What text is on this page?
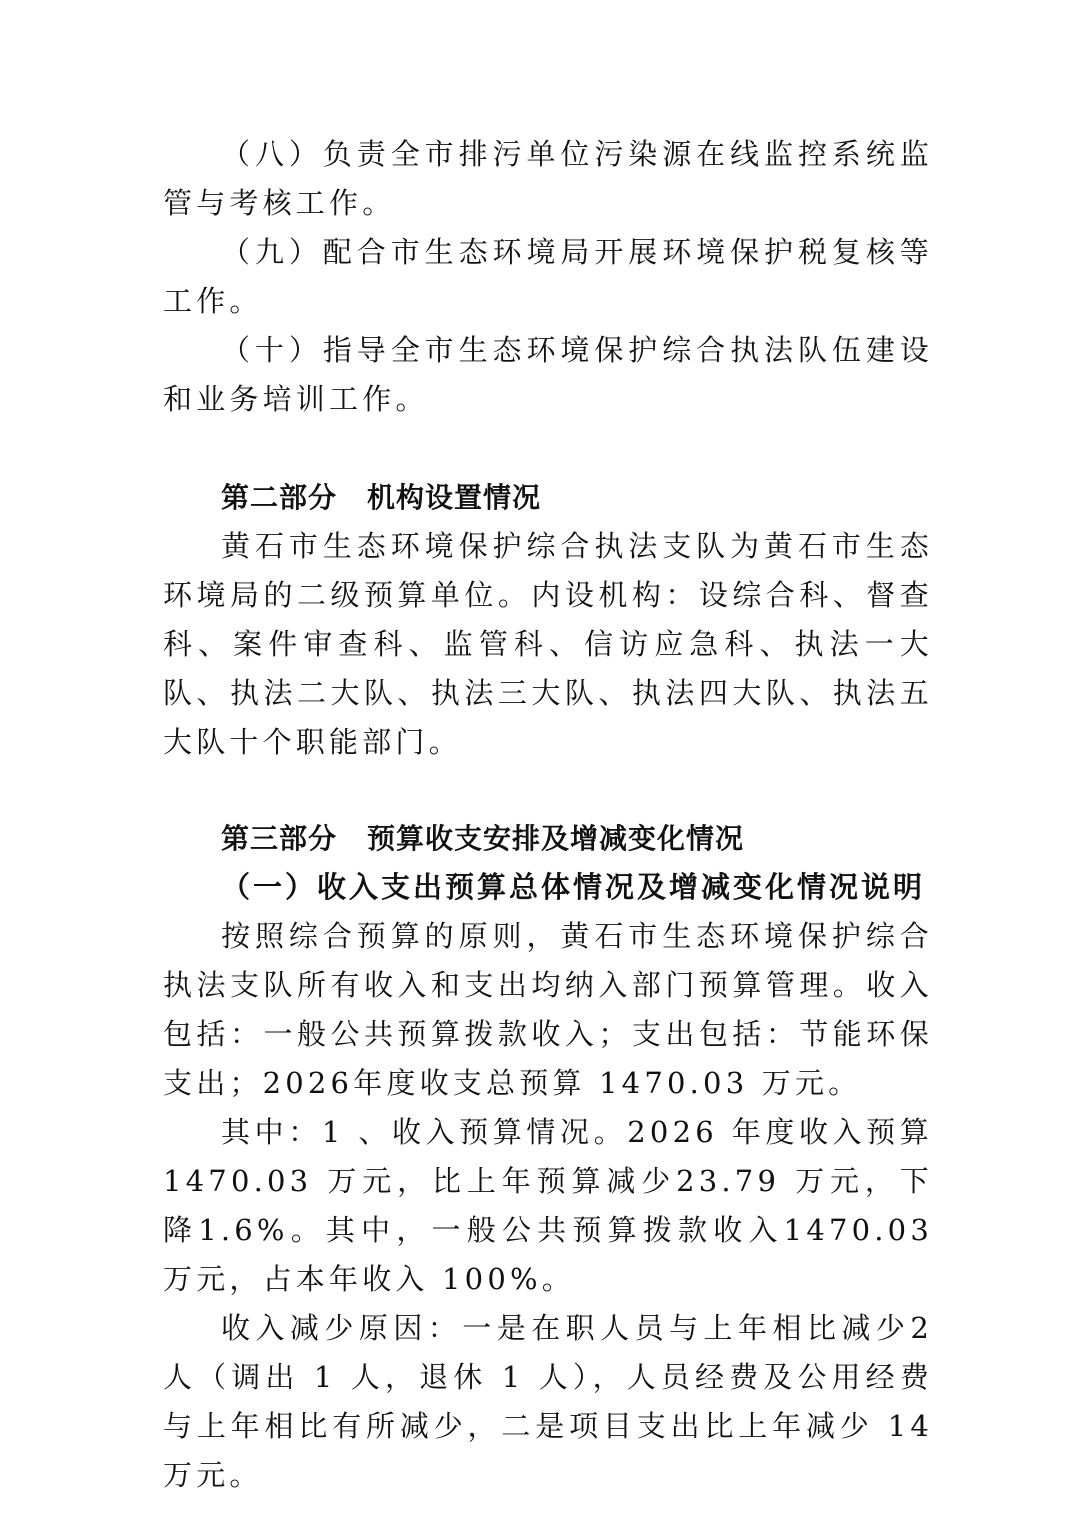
（八）负责全市排污单位污染源在线监控系统监管与考核工作。

（九）配合市生态环境局开展环境保护税复核等工作。

（十）指导全市生态环境保护综合执法队伍建设和业务培训工作。

第二部分 机构设置情况

黄石市生态环境保护综合执法支队为黄石市生态环境局的二级预算单位。内设机构：设综合科、督查科、案件审查科、监管科、信访应急科、执法一大队、执法二大队、执法三大队、执法四大队、执法五大队十个职能部门。

第三部分 预算收支安排及增减变化情况
（一）收入支出预算总体情况及增减变化情况说明

按照综合预算的原则，黄石市生态环境保护综合执法支队所有收入和支出均纳入部门预算管理。收入包括：一般公共预算拨款收入；支出包括：节能环保支出；2026年度收支总预算 1470.03 万元。

其中：1 、收入预算情况。2026 年度收入预算 1470.03 万元，比上年预算减少23.79 万元，下降1.6%。其中，一般公共预算拨款收入1470.03 万元，占本年收入 100%。

收入减少原因：一是在职人员与上年相比减少2 人（调出 1 人，退休 1 人），人员经费及公用经费与上年相比有所减少，二是项目支出比上年减少 14 万元。
